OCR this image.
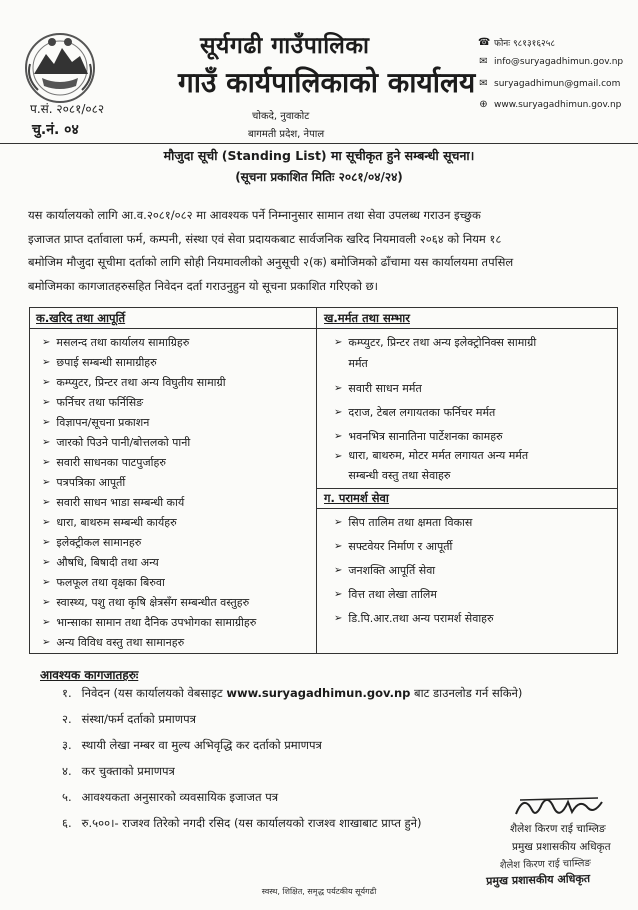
सूर्यगढी गाउँपालिका
गाउँ कार्यपालिकाको कार्यालय
चोकदे, नुवाकोट
बागमती प्रदेश, नेपाल
प.सं. २०८१/०८२
चु.नं. ०४
☎ फोनः ९८१३१६२५८
✉ info@suryagadhimun.gov.np
✉ suryagadhimun@gmail.com
⊕ www.suryagadhimun.gov.np
मौजुदा सूची (Standing List) मा सूचीकृत हुने सम्बन्धी सूचना।
(सूचना प्रकाशित मितिः २०८१/०४/२४)

यस कार्यालयको लागि आ.व.२०८१/०८२ मा आवश्यक पर्ने निम्नानुसार सामान तथा सेवा उपलब्ध गराउन इच्छुक

इजाजत प्राप्त दर्तावाला फर्म, कम्पनी, संस्था एवं सेवा प्रदायकबाट सार्वजनिक खरिद नियमावली २०६४ को नियम १८

बमोजिम मौजुदा सूचीमा दर्ताको लागि सोही नियमावलीको अनुसूची २(क) बमोजिमको ढाँचामा यस कार्यालयमा तपसिल

बमोजिमका कागजातहरुसहित निवेदन दर्ता गराउनुहुन यो सूचना प्रकाशित गरिएको छ।

क.खरिद तथा आपूर्ति	ख.मर्मत तथा सम्भार
ग. परामर्श सेवा
➢ मसलन्द तथा कार्यालय सामाग्रिहरु
➢ छपाई सम्बन्धी सामाग्रीहरु
➢ कम्प्युटर, प्रिन्टर तथा अन्य विघुतीय सामाग्री
➢ फर्निचर तथा फर्निसिङ
➢ विज्ञापन/सूचना प्रकाशन
➢ जारको पिउने पानी/बोत्तलको पानी
➢ सवारी साधनका पाटपुर्जाहरु
➢ पत्रपत्रिका आपूर्ती
➢ सवारी साधन भाडा सम्बन्धी कार्य
➢ धारा, बाथरुम सम्बन्धी कार्यहरु
➢ इलेक्ट्रीकल सामानहरु
➢ औषधि, बिषादी तथा अन्य
➢ फलफूल तथा वृक्षका बिरुवा
➢ स्वास्थ्य, पशु तथा कृषि क्षेत्रसँग सम्बन्धीत वस्तुहरु
➢ भान्साका सामान तथा दैनिक उपभोगका सामाग्रीहरु
➢ अन्य विविध वस्तु तथा सामानहरु
➢ कम्प्युटर, प्रिन्टर तथा अन्य इलेक्ट्रोनिक्स सामाग्री
मर्मत
➢ सवारी साधन मर्मत
➢ दराज, टेबल लगायतका फर्निचर मर्मत
➢ भवनभित्र सानातिना पार्टेशनका कामहरु
➢ धारा, बाथरुम, मोटर मर्मत लगायत अन्य मर्मत
सम्बन्धी वस्तु तथा सेवाहरु
➢ सिप तालिम तथा क्षमता विकास
➢ सफ्टवेयर निर्माण र आपूर्ती
➢ जनशक्ति आपूर्ति सेवा
➢ वित्त तथा लेखा तालिम
➢ डि.पि.आर.तथा अन्य परामर्श सेवाहरु
आवश्यक कागजातहरुः
१. निवेदन (यस कार्यालयको वेबसाइट www.suryagadhimun.gov.np बाट डाउनलोड गर्न सकिने)
२. संस्था/फर्म दर्ताको प्रमाणपत्र
३. स्थायी लेखा नम्बर वा मुल्य अभिवृद्धि कर दर्ताको प्रमाणपत्र
४. कर चुक्ताको प्रमाणपत्र
५. आवश्यकता अनुसारको व्यवसायिक इजाजत पत्र
६. रु.५००।- राजश्व तिरेको नगदी रसिद (यस कार्यालयको राजश्व शाखाबाट प्राप्त हुने)	शैलेश किरण राई चाम्लिङ
प्रमुख प्रशासकीय अधिकृत
शैलेश किरण राई चाम्लिङ
प्रमुख प्रशासकीय अधिकृत
स्वस्थ, शिक्षित, समृद्ध पर्यटकीय सूर्यगढी
